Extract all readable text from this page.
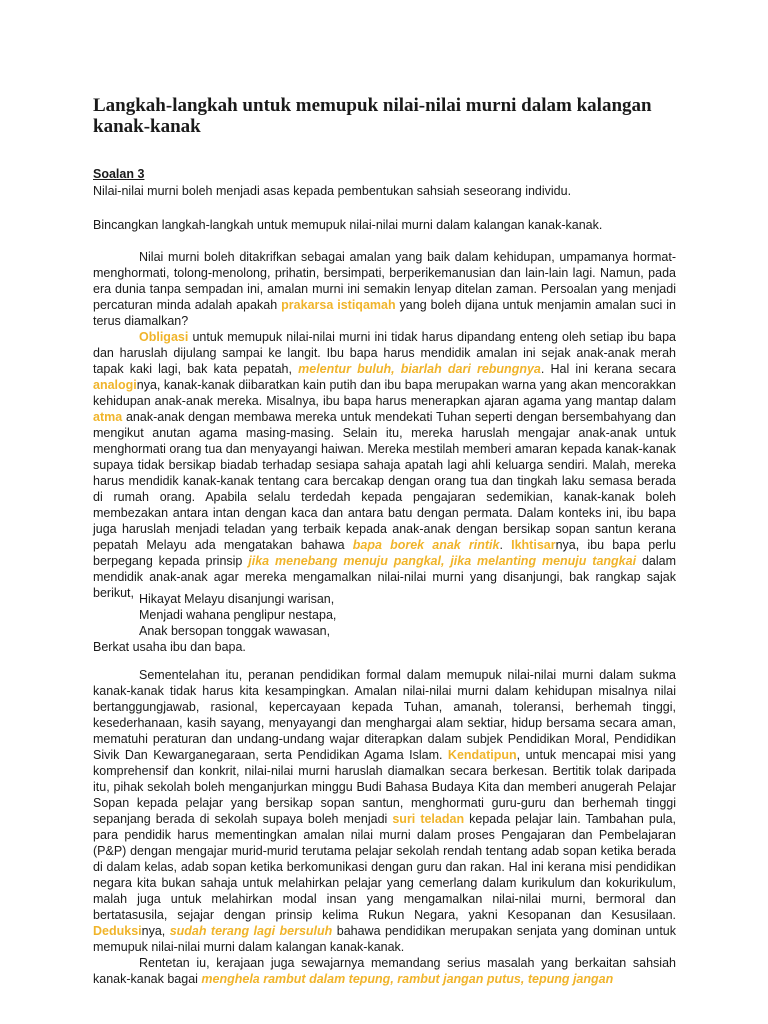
Langkah-langkah untuk memupuk nilai-nilai murni dalam kalangan kanak-kanak
Soalan 3
Nilai-nilai murni boleh menjadi asas kepada pembentukan sahsiah seseorang individu.
Bincangkan langkah-langkah untuk memupuk nilai-nilai murni dalam kalangan kanak-kanak.

Nilai murni boleh ditakrifkan sebagai amalan yang baik dalam kehidupan, umpamanya hormat-menghormati, tolong-menolong, prihatin, bersimpati, berperikemanusian dan lain-lain lagi. Namun, pada era dunia tanpa sempadan ini, amalan murni ini semakin lenyap ditelan zaman. Persoalan yang menjadi percaturan minda adalah apakah prakarsa istiqamah yang boleh dijana untuk menjamin amalan suci in terus diamalkan?

Obligasi untuk memupuk nilai-nilai murni ini tidak harus dipandang enteng oleh setiap ibu bapa dan haruslah dijulang sampai ke langit. Ibu bapa harus mendidik amalan ini sejak anak-anak merah tapak kaki lagi, bak kata pepatah, melentur buluh, biarlah dari rebungnya. Hal ini kerana secara analoginya, kanak-kanak diibaratkan kain putih dan ibu bapa merupakan warna yang akan mencorakkan kehidupan anak-anak mereka. Misalnya, ibu bapa harus menerapkan ajaran agama yang mantap dalam atma anak-anak dengan membawa mereka untuk mendekati Tuhan seperti dengan bersembahyang dan mengikut anutan agama masing-masing. Selain itu, mereka haruslah mengajar anak-anak untuk menghormati orang tua dan menyayangi haiwan. Mereka mestilah memberi amaran kepada kanak-kanak supaya tidak bersikap biadab terhadap sesiapa sahaja apatah lagi ahli keluarga sendiri. Malah, mereka harus mendidik kanak-kanak tentang cara bercakap dengan orang tua dan tingkah laku semasa berada di rumah orang. Apabila selalu terdedah kepada pengajaran sedemikian, kanak-kanak boleh membezakan antara intan dengan kaca dan antara batu dengan permata. Dalam konteks ini, ibu bapa juga haruslah menjadi teladan yang terbaik kepada anak-anak dengan bersikap sopan santun kerana pepatah Melayu ada mengatakan bahawa bapa borek anak rintik. Ikhtisarnya, ibu bapa perlu berpegang kepada prinsip jika menebang menuju pangkal, jika melanting menuju tangkai dalam mendidik anak-anak agar mereka mengamalkan nilai-nilai murni yang disanjungi, bak rangkap sajak berikut, Hikayat Melayu disanjungi warisan,
Menjadi wahana penglipur nestapa,
Anak bersopan tonggak wawasan,
Berkat usaha ibu dan bapa.

Sementelahan itu, peranan pendidikan formal dalam memupuk nilai-nilai murni dalam sukma kanak-kanak tidak harus kita kesampingkan. Amalan nilai-nilai murni dalam kehidupan misalnya nilai bertanggungjawab, rasional, kepercayaan kepada Tuhan, amanah, toleransi, berhemah tinggi, kesederhanaan, kasih sayang, menyayangi dan menghargai alam sektiar, hidup bersama secara aman, mematuhi peraturan dan undang-undang wajar diterapkan dalam subjek Pendidikan Moral, Pendidikan Sivik Dan Kewarganegaraan, serta Pendidikan Agama Islam. Kendatipun, untuk mencapai misi yang komprehensif dan konkrit, nilai-nilai murni haruslah diamalkan secara berkesan. Bertitik tolak daripada itu, pihak sekolah boleh menganjurkan minggu Budi Bahasa Budaya Kita dan memberi anugerah Pelajar Sopan kepada pelajar yang bersikap sopan santun, menghormati guru-guru dan berhemah tinggi sepanjang berada di sekolah supaya boleh menjadi suri teladan kepada pelajar lain. Tambahan pula, para pendidik harus mementingkan amalan nilai murni dalam proses Pengajaran dan Pembelajaran (P&P) dengan mengajar murid-murid terutama pelajar sekolah rendah tentang adab sopan ketika berada di dalam kelas, adab sopan ketika berkomunikasi dengan guru dan rakan. Hal ini kerana misi pendidikan negara kita bukan sahaja untuk melahirkan pelajar yang cemerlang dalam kurikulum dan kokurikulum, malah juga untuk melahirkan modal insan yang mengamalkan nilai-nilai murni, bermoral dan bertatasusila, sejajar dengan prinsip kelima Rukun Negara, yakni Kesopanan dan Kesusilaan. Deduksinya, sudah terang lagi bersuluh bahawa pendidikan merupakan senjata yang dominan untuk memupuk nilai-nilai murni dalam kalangan kanak-kanak.

Rentetan iu, kerajaan juga sewajarnya memandang serius masalah yang berkaitan sahsiah kanak-kanak bagai menghela rambut dalam tepung, rambut jangan putus, tepung jangan
